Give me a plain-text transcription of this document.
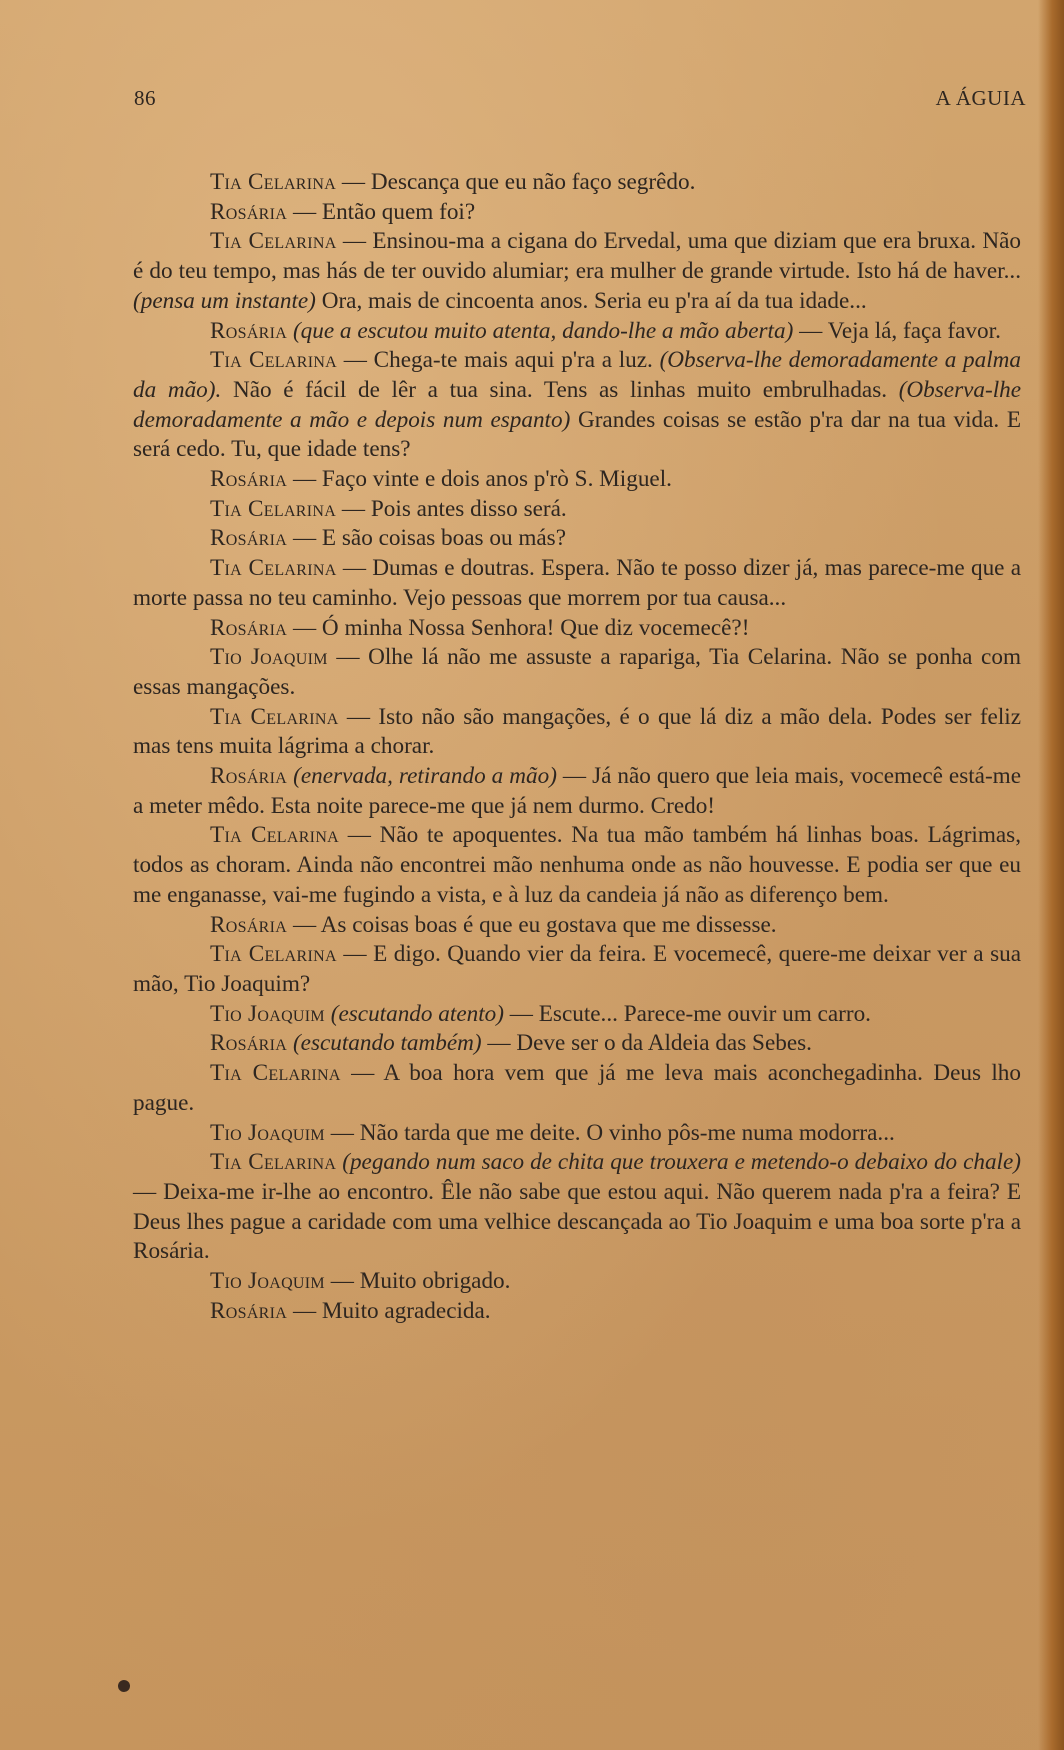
86	A ÁGUIA

Tia Celarina — Descança que eu não faço segrêdo.

Rosária — Então quem foi?

Tia Celarina — Ensinou-ma a cigana do Ervedal, uma que diziam que era bruxa. Não é do teu tempo, mas hás de ter ouvido alumiar; era mulher de grande virtude. Isto há de haver... (pensa um instante) Ora, mais de cincoenta anos. Seria eu p'ra aí da tua idade...

Rosária (que a escutou muito atenta, dando-lhe a mão aberta) — Veja lá, faça favor.

Tia Celarina — Chega-te mais aqui p'ra a luz. (Observa-lhe demoradamente a palma da mão). Não é fácil de lêr a tua sina. Tens as linhas muito embrulhadas. (Observa-lhe demoradamente a mão e depois num espanto) Grandes coisas se estão p'ra dar na tua vida. E será cedo. Tu, que idade tens?

Rosária — Faço vinte e dois anos p'rò S. Miguel.

Tia Celarina — Pois antes disso será.

Rosária — E são coisas boas ou más?

Tia Celarina — Dumas e doutras. Espera. Não te posso dizer já, mas parece-me que a morte passa no teu caminho. Vejo pessoas que morrem por tua causa...

Rosária — Ó minha Nossa Senhora! Que diz vocemecê?!

Tio Joaquim — Olhe lá não me assuste a rapariga, Tia Celarina. Não se ponha com essas mangações.

Tia Celarina — Isto não são mangações, é o que lá diz a mão dela. Podes ser feliz mas tens muita lágrima a chorar.

Rosária (enervada, retirando a mão) — Já não quero que leia mais, vocemecê está-me a meter mêdo. Esta noite parece-me que já nem durmo. Credo!

Tia Celarina — Não te apoquentes. Na tua mão também há linhas boas. Lágrimas, todos as choram. Ainda não encontrei mão nenhuma onde as não houvesse. E podia ser que eu me enganasse, vai-me fugindo a vista, e à luz da candeia já não as diferenço bem.

Rosária — As coisas boas é que eu gostava que me dissesse.

Tia Celarina — E digo. Quando vier da feira. E vocemecê, quere-me deixar ver a sua mão, Tio Joaquim?

Tio Joaquim (escutando atento) — Escute... Parece-me ouvir um carro.

Rosária (escutando também) — Deve ser o da Aldeia das Sebes.

Tia Celarina — A boa hora vem que já me leva mais aconchegadinha. Deus lho pague.

Tio Joaquim — Não tarda que me deite. O vinho pôs-me numa modorra...

Tia Celarina (pegando num saco de chita que trouxera e metendo-o debaixo do chale) — Deixa-me ir-lhe ao encontro. Êle não sabe que estou aqui. Não querem nada p'ra a feira? E Deus lhes pague a caridade com uma velhice descançada ao Tio Joaquim e uma boa sorte p'ra a Rosária.

Tio Joaquim — Muito obrigado.

Rosária — Muito agradecida.
